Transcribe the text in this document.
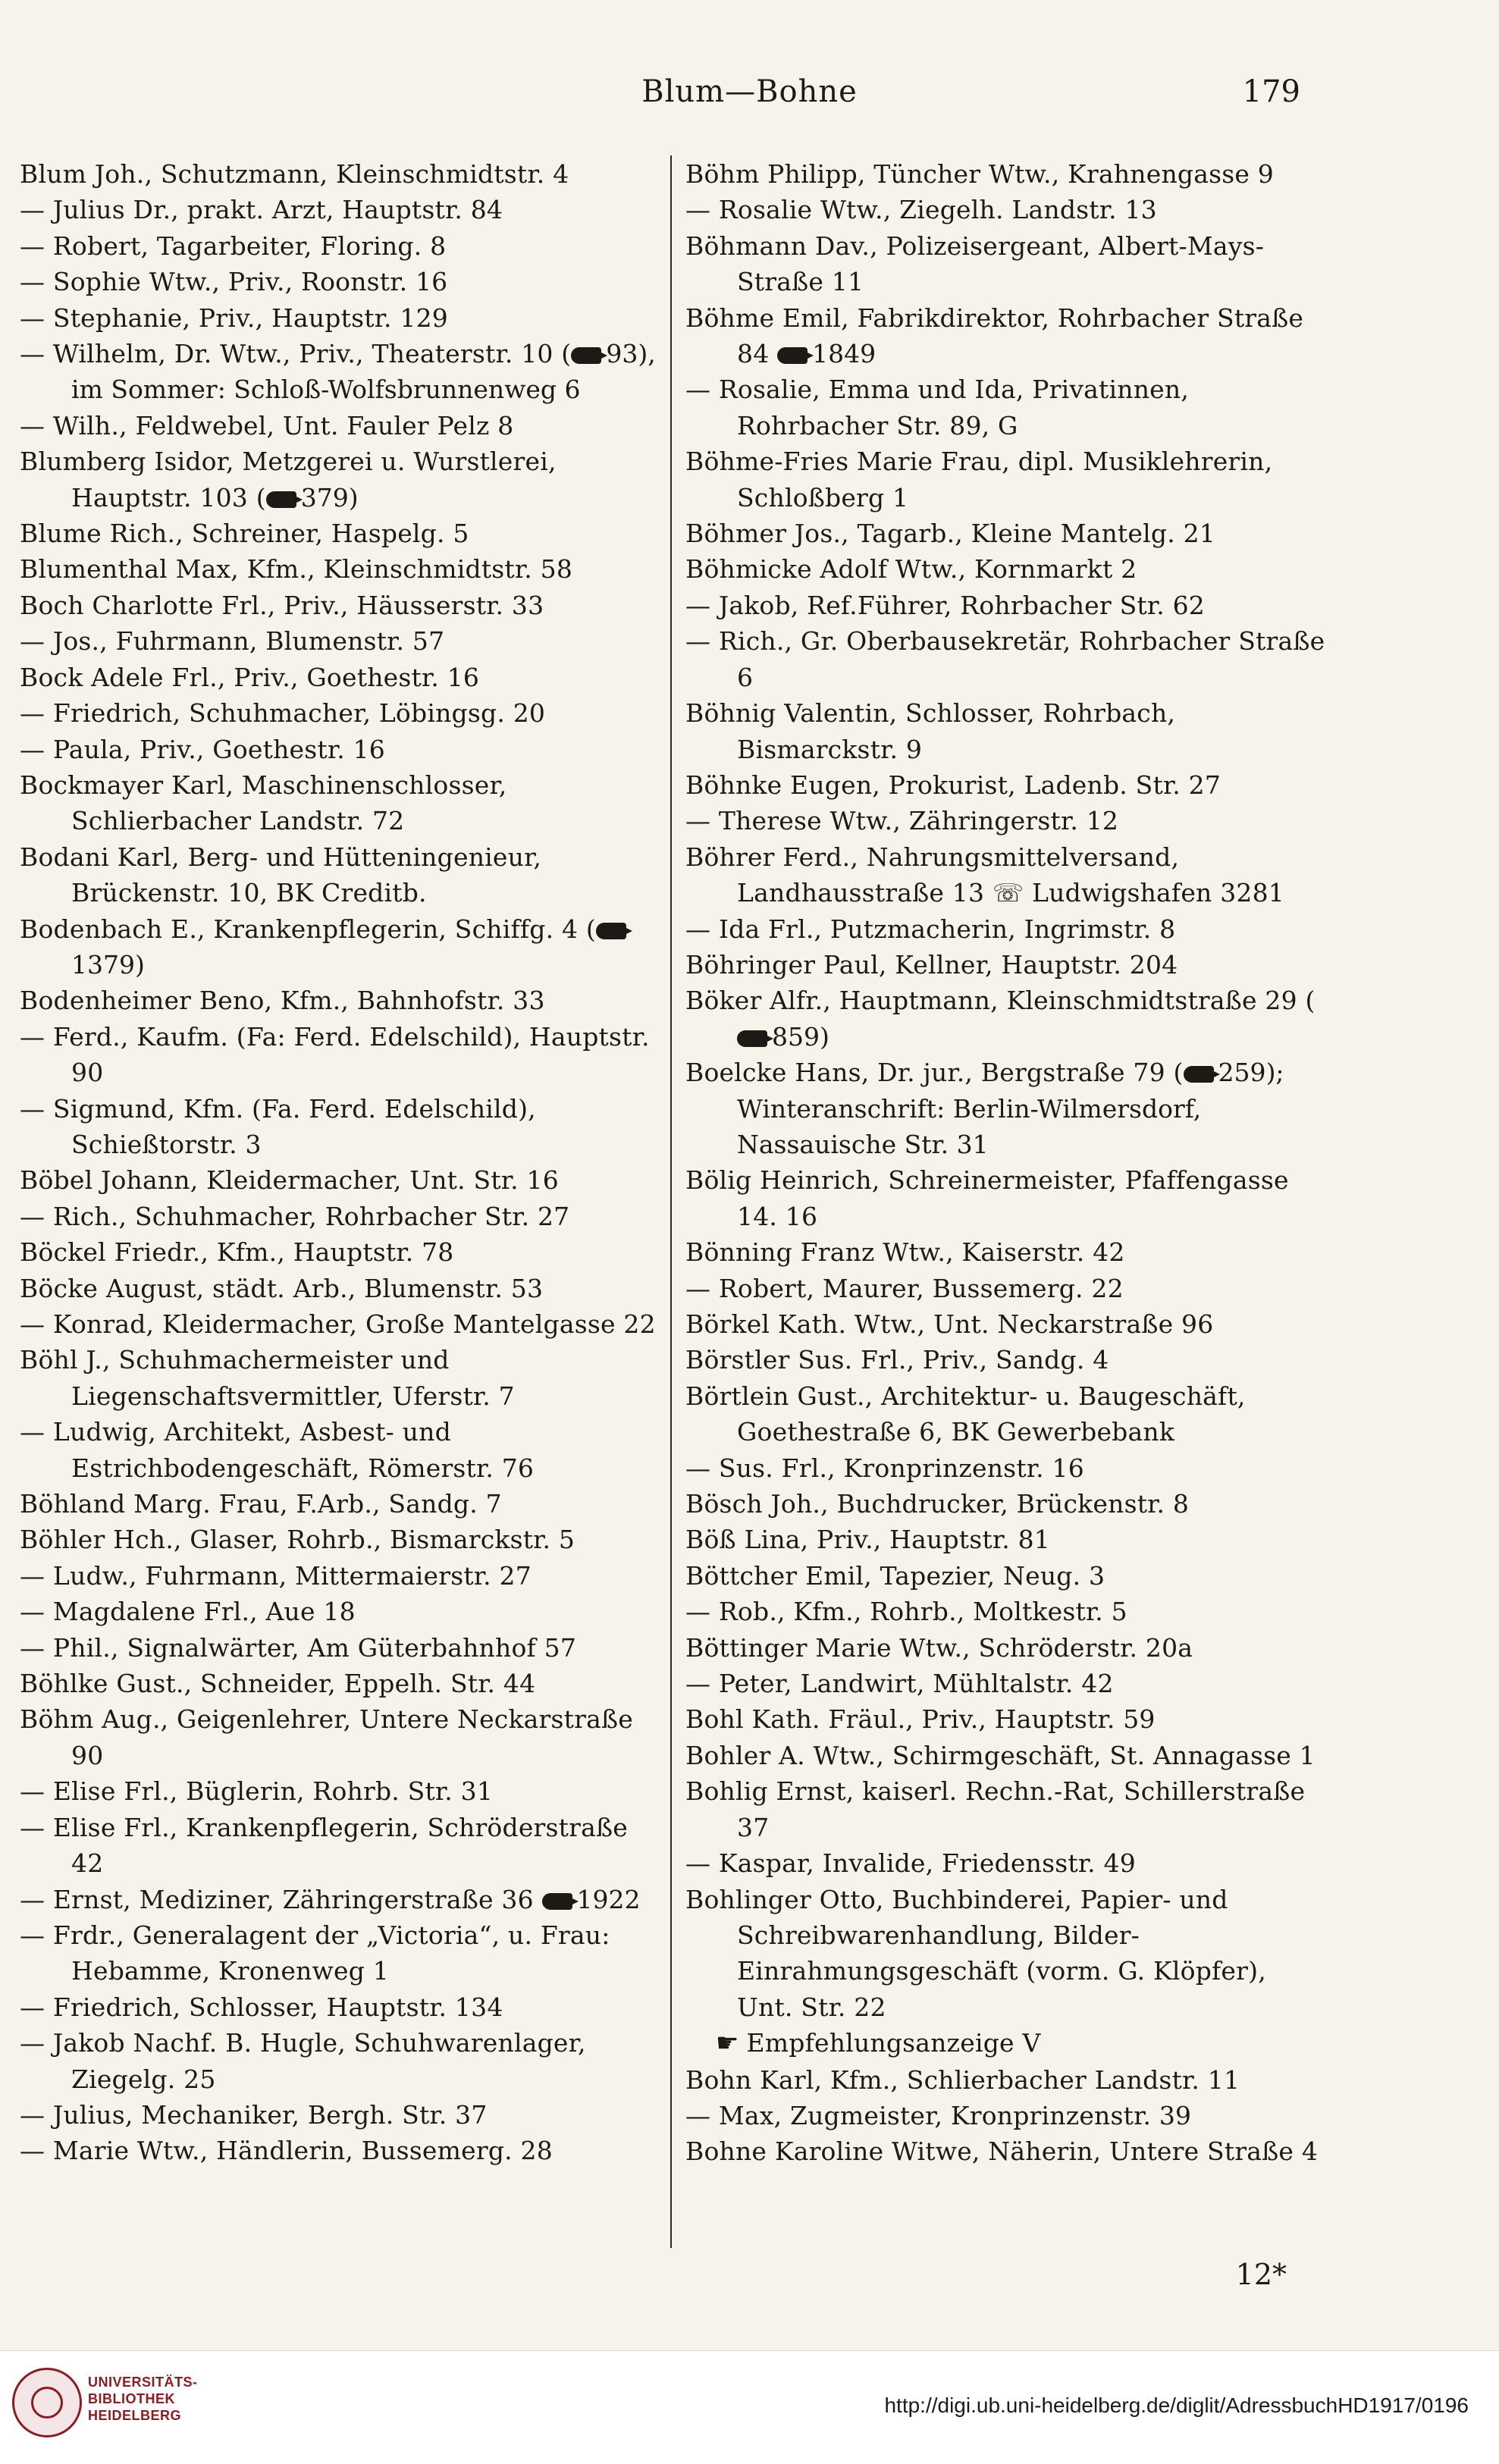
Blum—Bohne	179

Blum Joh., Schutzmann, Kleinschmidtstr. 4

— Julius Dr., prakt. Arzt, Hauptstr. 84

— Robert, Tagarbeiter, Floring. 8

— Sophie Wtw., Priv., Roonstr. 16

— Stephanie, Priv., Hauptstr. 129

— Wilhelm, Dr. Wtw., Priv., Theaterstr. 10 ( 93), im Sommer: Schloß-Wolfsbrunnenweg 6

— Wilh., Feldwebel, Unt. Fauler Pelz 8

Blumberg Isidor, Metzgerei u. Wurstlerei, Hauptstr. 103 ( 379)

Blume Rich., Schreiner, Haspelg. 5

Blumenthal Max, Kfm., Kleinschmidtstr. 58

Boch Charlotte Frl., Priv., Häusserstr. 33

— Jos., Fuhrmann, Blumenstr. 57

Bock Adele Frl., Priv., Goethestr. 16

— Friedrich, Schuhmacher, Löbingsg. 20

— Paula, Priv., Goethestr. 16

Bockmayer Karl, Maschinenschlosser, Schlierbacher Landstr. 72

Bodani Karl, Berg- und Hütteningenieur, Brückenstr. 10, BK Creditb.

Bodenbach E., Krankenpflegerin, Schiffg. 4 (1379)

Bodenheimer Beno, Kfm., Bahnhofstr. 33

— Ferd., Kaufm. (Fa: Ferd. Edelschild), Hauptstr. 90

— Sigmund, Kfm. (Fa. Ferd. Edelschild), Schießtorstr. 3

Böbel Johann, Kleidermacher, Unt. Str. 16

— Rich., Schuhmacher, Rohrbacher Str. 27

Böckel Friedr., Kfm., Hauptstr. 78

Böcke August, städt. Arb., Blumenstr. 53

— Konrad, Kleidermacher, Große Mantelgasse 22

Böhl J., Schuhmachermeister und Liegenschaftsvermittler, Uferstr. 7

— Ludwig, Architekt, Asbest- und Estrichbodengeschäft, Römerstr. 76

Böhland Marg. Frau, F.Arb., Sandg. 7

Böhler Hch., Glaser, Rohrb., Bismarckstr. 5

— Ludw., Fuhrmann, Mittermaierstr. 27

— Magdalene Frl., Aue 18

— Phil., Signalwärter, Am Güterbahnhof 57

Böhlke Gust., Schneider, Eppelh. Str. 44

Böhm Aug., Geigenlehrer, Untere Neckarstraße 90

— Elise Frl., Büglerin, Rohrb. Str. 31

— Elise Frl., Krankenpflegerin, Schröderstraße 42

— Ernst, Mediziner, Zähringerstraße 36 1922

— Frdr., Generalagent der „Victoria“, u. Frau: Hebamme, Kronenweg 1

— Friedrich, Schlosser, Hauptstr. 134

— Jakob Nachf. B. Hugle, Schuhwarenlager, Ziegelg. 25

— Julius, Mechaniker, Bergh. Str. 37

— Marie Wtw., Händlerin, Bussemerg. 28

Böhm Philipp, Tüncher Wtw., Krahnengasse 9

— Rosalie Wtw., Ziegelh. Landstr. 13

Böhmann Dav., Polizeisergeant, Albert-Mays-Straße 11

Böhme Emil, Fabrikdirektor, Rohrbacher Straße 84 1849

— Rosalie, Emma und Ida, Privatinnen, Rohrbacher Str. 89, G

Böhme-Fries Marie Frau, dipl. Musiklehrerin, Schloßberg 1

Böhmer Jos., Tagarb., Kleine Mantelg. 21

Böhmicke Adolf Wtw., Kornmarkt 2

— Jakob, Ref.Führer, Rohrbacher Str. 62

— Rich., Gr. Oberbausekretär, Rohrbacher Straße 6

Böhnig Valentin, Schlosser, Rohrbach, Bismarckstr. 9

Böhnke Eugen, Prokurist, Ladenb. Str. 27

— Therese Wtw., Zähringerstr. 12

Böhrer Ferd., Nahrungsmittelversand, Landhausstraße 13 ☏ Ludwigshafen 3281

— Ida Frl., Putzmacherin, Ingrimstr. 8

Böhringer Paul, Kellner, Hauptstr. 204

Böker Alfr., Hauptmann, Kleinschmidtstraße 29 (859)

Boelcke Hans, Dr. jur., Bergstraße 79 ( 259); Winteranschrift: Berlin-Wilmersdorf, Nassauische Str. 31

Bölig Heinrich, Schreinermeister, Pfaffengasse 14. 16

Bönning Franz Wtw., Kaiserstr. 42

— Robert, Maurer, Bussemerg. 22

Börkel Kath. Wtw., Unt. Neckarstraße 96

Börstler Sus. Frl., Priv., Sandg. 4

Börtlein Gust., Architektur- u. Baugeschäft, Goethestraße 6, BK Gewerbebank

— Sus. Frl., Kronprinzenstr. 16

Bösch Joh., Buchdrucker, Brückenstr. 8

Böß Lina, Priv., Hauptstr. 81

Böttcher Emil, Tapezier, Neug. 3

— Rob., Kfm., Rohrb., Moltkestr. 5

Böttinger Marie Wtw., Schröderstr. 20a

— Peter, Landwirt, Mühltalstr. 42

Bohl Kath. Fräul., Priv., Hauptstr. 59

Bohler A. Wtw., Schirmgeschäft, St. Annagasse 1

Bohlig Ernst, kaiserl. Rechn.-Rat, Schillerstraße 37

— Kaspar, Invalide, Friedensstr. 49

Bohlinger Otto, Buchbinderei, Papier- und Schreibwarenhandlung, Bilder-Einrahmungsgeschäft (vorm. G. Klöpfer), Unt. Str. 22

☛ Empfehlungsanzeige V

Bohn Karl, Kfm., Schlierbacher Landstr. 11

— Max, Zugmeister, Kronprinzenstr. 39

Bohne Karoline Witwe, Näherin, Untere Straße 4

12*
UNIVERSITÄTS-
BIBLIOTHEK
HEIDELBERG	http://digi.ub.uni-heidelberg.de/diglit/AdressbuchHD1917/0196
